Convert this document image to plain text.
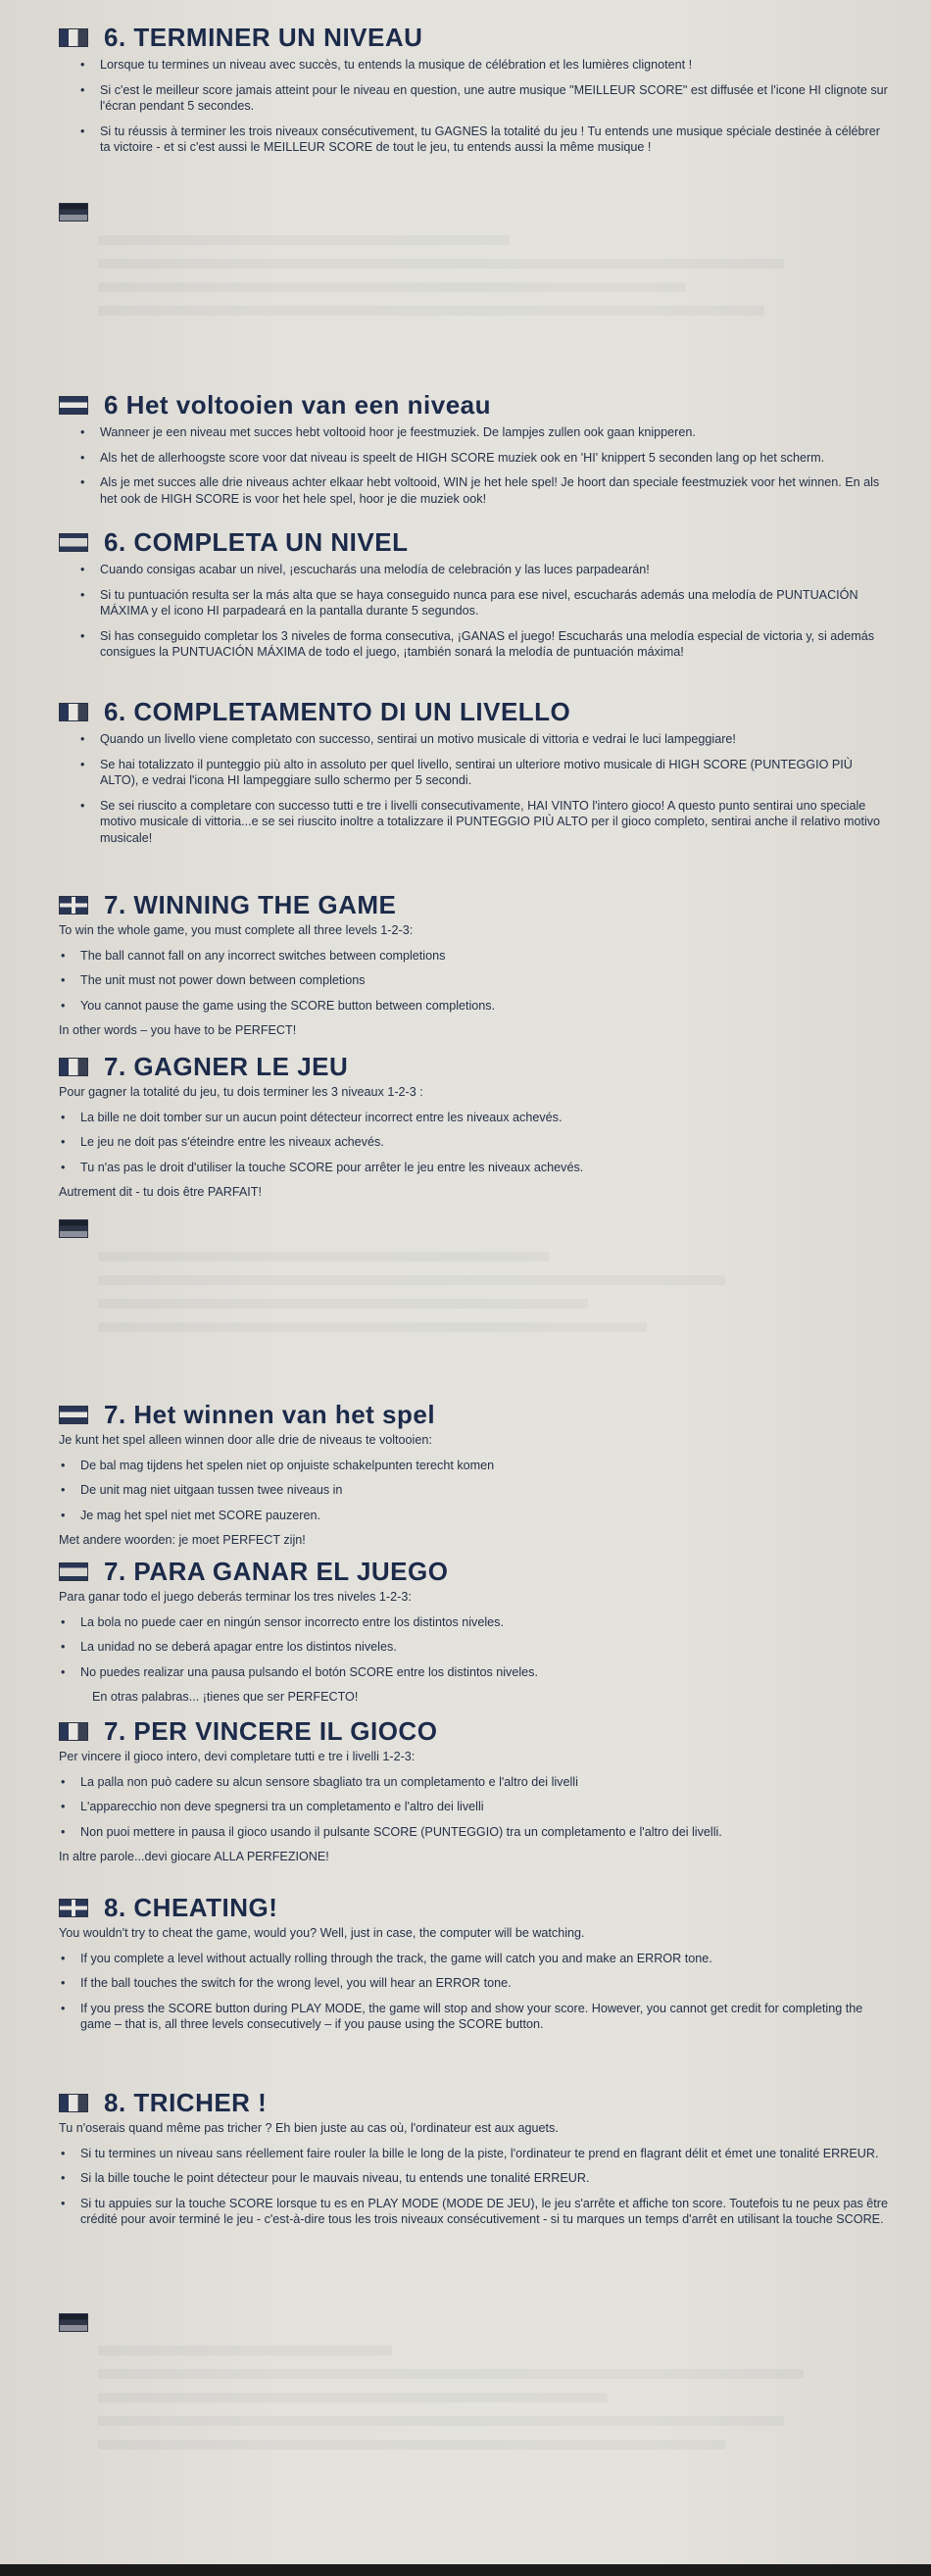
6. TERMINER UN NIVEAU
• Lorsque tu termines un niveau avec succès, tu entends la musique de célébration et les lumières clignotent !
• Si c'est le meilleur score jamais atteint pour le niveau en question, une autre musique "MEILLEUR SCORE" est diffusée et l'icone HI clignote sur l'écran pendant 5 secondes.
• Si tu réussis à terminer les trois niveaux consécutivement, tu GAGNES la totalité du jeu ! Tu entends une musique spéciale destinée à célébrer ta victoire - et si c'est aussi le MEILLEUR SCORE de tout le jeu, tu entends aussi la même musique !
6 Het voltooien van een niveau
• Wanneer je een niveau met succes hebt voltooid hoor je feestmuziek. De lampjes zullen ook gaan knipperen.
• Als het de allerhoogste score voor dat niveau is speelt de HIGH SCORE muziek ook en 'HI' knippert 5 seconden lang op het scherm.
• Als je met succes alle drie niveaus achter elkaar hebt voltooid, WIN je het hele spel! Je hoort dan speciale feestmuziek voor het winnen. En als het ook de HIGH SCORE is voor het hele spel, hoor je die muziek ook!
6. COMPLETA UN NIVEL
• Cuando consigas acabar un nivel, ¡escucharás una melodía de celebración y las luces parpadearán!
• Si tu puntuación resulta ser la más alta que se haya conseguido nunca para ese nivel, escucharás además una melodía de PUNTUACIÓN MÁXIMA y el icono HI parpadeará en la pantalla durante 5 segundos.
• Si has conseguido completar los 3 niveles de forma consecutiva, ¡GANAS el juego! Escucharás una melodía especial de victoria y, si además consigues la PUNTUACIÓN MÁXIMA de todo el juego, ¡también sonará la melodía de puntuación máxima!
6. COMPLETAMENTO DI UN LIVELLO
• Quando un livello viene completato con successo, sentirai un motivo musicale di vittoria e vedrai le luci lampeggiare!
• Se hai totalizzato il punteggio più alto in assoluto per quel livello, sentirai un ulteriore motivo musicale di HIGH SCORE (PUNTEGGIO PIÙ ALTO), e vedrai l'icona HI lampeggiare sullo schermo per 5 secondi.
• Se sei riuscito a completare con successo tutti e tre i livelli consecutivamente, HAI VINTO l'intero gioco! A questo punto sentirai uno speciale motivo musicale di vittoria...e se sei riuscito inoltre a totalizzare il PUNTEGGIO PIÙ ALTO per il gioco completo, sentirai anche il relativo motivo musicale!
7. WINNING THE GAME

To win the whole game, you must complete all three levels 1-2-3:

• The ball cannot fall on any incorrect switches between completions
• The unit must not power down between completions
• You cannot pause the game using the SCORE button between completions.

In other words – you have to be PERFECT!

7. GAGNER LE JEU

Pour gagner la totalité du jeu, tu dois terminer les 3 niveaux 1-2-3 :

• La bille ne doit tomber sur un aucun point détecteur incorrect entre les niveaux achevés.
• Le jeu ne doit pas s'éteindre entre les niveaux achevés.
• Tu n'as pas le droit d'utiliser la touche SCORE pour arrêter le jeu entre les niveaux achevés.

Autrement dit - tu dois être PARFAIT!

7. Het winnen van het spel

Je kunt het spel alleen winnen door alle drie de niveaus te voltooien:

• De bal mag tijdens het spelen niet op onjuiste schakelpunten terecht komen
• De unit mag niet uitgaan tussen twee niveaus in
• Je mag het spel niet met SCORE pauzeren.

Met andere woorden: je moet PERFECT zijn!

7. PARA GANAR EL JUEGO

Para ganar todo el juego deberás terminar los tres niveles 1-2-3:

• La bola no puede caer en ningún sensor incorrecto entre los distintos niveles.
• La unidad no se deberá apagar entre los distintos niveles.
• No puedes realizar una pausa pulsando el botón SCORE entre los distintos niveles.

En otras palabras... ¡tienes que ser PERFECTO!

7. PER VINCERE IL GIOCO

Per vincere il gioco intero, devi completare tutti e tre i livelli 1-2-3:

• La palla non può cadere su alcun sensore sbagliato tra un completamento e l'altro dei livelli
• L'apparecchio non deve spegnersi tra un completamento e l'altro dei livelli
• Non puoi mettere in pausa il gioco usando il pulsante SCORE (PUNTEGGIO) tra un completamento e l'altro dei livelli.

In altre parole...devi giocare ALLA PERFEZIONE!

8. CHEATING!

You wouldn't try to cheat the game, would you? Well, just in case, the computer will be watching.

• If you complete a level without actually rolling through the track, the game will catch you and make an ERROR tone.
• If the ball touches the switch for the wrong level, you will hear an ERROR tone.
• If you press the SCORE button during PLAY MODE, the game will stop and show your score. However, you cannot get credit for completing the game – that is, all three levels consecutively – if you pause using the SCORE button.
8. TRICHER !

Tu n'oserais quand même pas tricher ? Eh bien juste au cas où, l'ordinateur est aux aguets.

• Si tu termines un niveau sans réellement faire rouler la bille le long de la piste, l'ordinateur te prend en flagrant délit et émet une tonalité ERREUR.
• Si la bille touche le point détecteur pour le mauvais niveau, tu entends une tonalité ERREUR.
• Si tu appuies sur la touche SCORE lorsque tu es en PLAY MODE (MODE DE JEU), le jeu s'arrête et affiche ton score. Toutefois tu ne peux pas être crédité pour avoir terminé le jeu - c'est-à-dire tous les trois niveaux consécutivement - si tu marques un temps d'arrêt en utilisant la touche SCORE.
